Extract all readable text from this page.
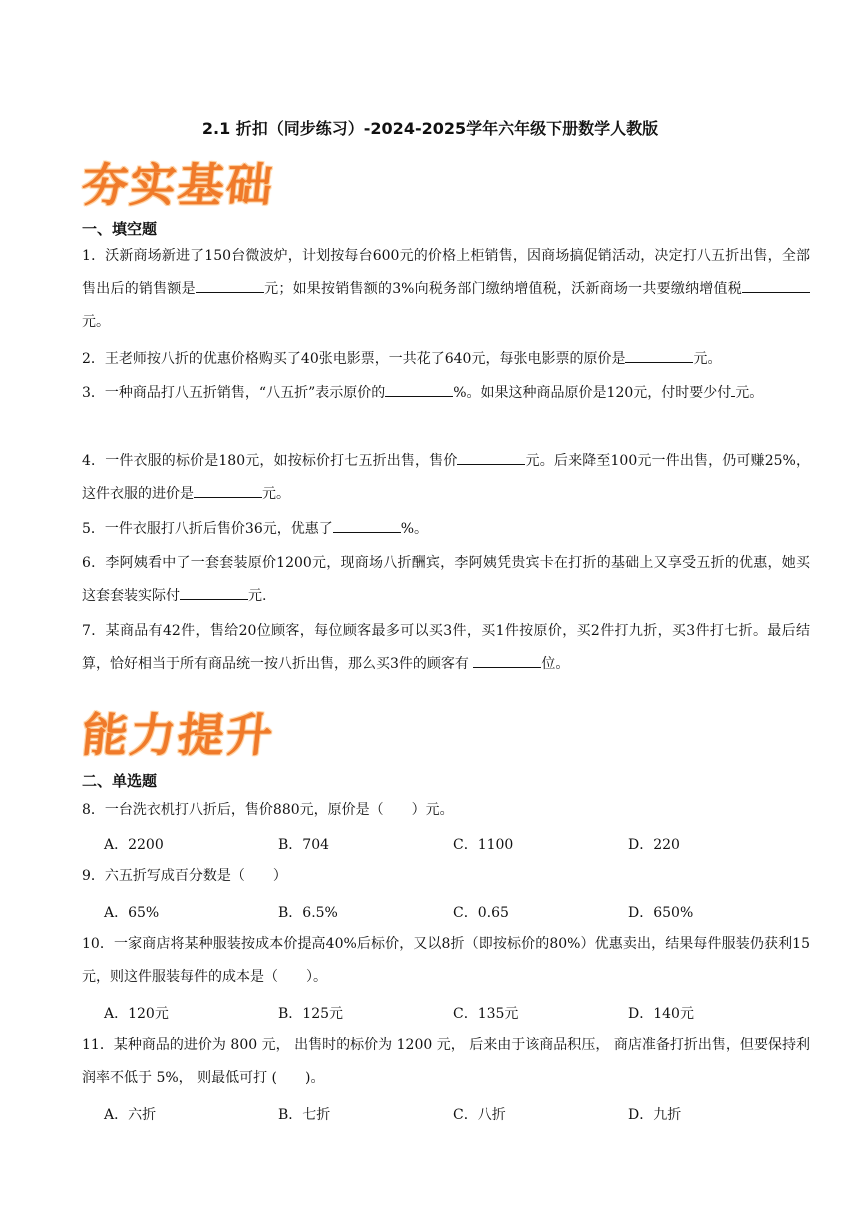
2.1 折扣（同步练习）-2024-2025学年六年级下册数学人教版
夯实基础
一、填空题
1．沃新商场新进了150台微波炉，计划按每台600元的价格上柜销售，因商场搞促销活动，决定打八五折出售，全部售出后的销售额是	元；如果按销售额的3%向税务部门缴纳增值税，沃新商场一共要缴纳增值税元。
2．王老师按八折的优惠价格购买了40张电影票，一共花了640元，每张电影票的原价是	元。
3．一种商品打八五折销售，“八五折”表示原价的	%。如果这种商品原价是120元，付时要少付 元。
4．一件衣服的标价是180元，如按标价打七五折出售，售价	元。后来降至100元一件出售，仍可赚25%，这件衣服的进价是	元。
5．一件衣服打八折后售价36元，优惠了	%。
6．李阿姨看中了一套套装原价1200元，现商场八折酬宾，李阿姨凭贵宾卡在打折的基础上又享受五折的优惠，她买这套套装实际付	元.
7．某商品有42件，售给20位顾客，每位顾客最多可以买3件，买1件按原价，买2件打九折，买3件打七折。最后结算，恰好相当于所有商品统一按八折出售，那么买3件的顾客有	位。
能力提升
二、单选题
8．一台洗衣机打八折后，售价880元，原价是（　　）元。
A．2200	B．704	C．1100	D．220
9．六五折写成百分数是（　　）
A．65%	B．6.5%	C．0.65	D．650%
10．一家商店将某种服装按成本价提高40%后标价，又以8折（即按标价的80%）优惠卖出，结果每件服装仍获利15元，则这件服装每件的成本是（　　）。
A．120元	B．125元	C．135元	D．140元
11．某种商品的进价为 800 元， 出售时的标价为 1200 元， 后来由于该商品积压， 商店准备打折出售，但要保持利润率不低于 5%， 则最低可打 (　　)。
A．六折	B．七折	C．八折	D．九折
